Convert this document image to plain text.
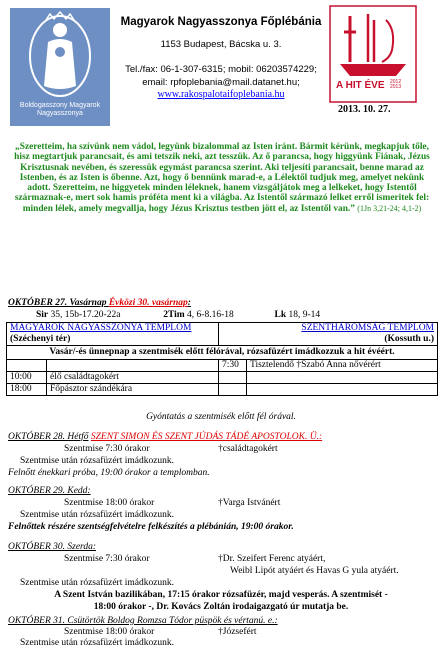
Boldogasszony Magyarok Nagyasszonya
Magyarok Nagyasszonya Főplébánia
1153 Budapest, Bácska u. 3.
Tel./fax: 06-1-307-6315; mobil: 06203574229;
email: rpfoplebania@mail.datanet.hu;
www.rakospalotaifoplebania.hu
A HIT ÉVE	2012 2013
2013. 10. 27.
„Szeretteim, ha szívünk nem vádol, legyünk bizalommal az Isten iránt. Bármit kérünk, megkapjuk tőle, hisz megtartjuk parancsait, és ami tetszik neki, azt tesszük. Az ő parancsa, hogy higgyünk Fiának, Jézus Krisztusnak nevében, és szeressük egymást parancsa szerint. Aki teljesíti parancsait, benne marad az Istenben, és az Isten is őbenne. Azt, hogy ő bennünk marad-e, a Lélektől tudjuk meg, amelyet nekünk adott. Szeretteim, ne higgyetek minden léleknek, hanem vizsgáljátok meg a lelkeket, hogy Istentől származnak-e, mert sok hamis próféta ment ki a világba. Az Istentől származó lelket erről ismeritek fel: minden lélek, amely megvallja, hogy Jézus Krisztus testben jött el, az Istentől van.” (1Jn 3,21-24; 4,1-2)
OKTÓBER 27. Vasárnap Évközi 30. vasárnap:
Sir 35, 15b-17.20-22a	2Tim 4, 6-8.16-18	Lk 18, 9-14
MAGYAROK NAGYASSZONYA TEMPLOM		SZENTHÁROMSÁG TEMPLOM	
(Széchenyi tér)		(Kossuth u.)	
Vasár/-és ünnepnap a szentmisék előtt félórával, rózsafüzért imádkozzuk a hit évéért.			
		7:30	Tisztelendő †Szabó Anna nővérért
10:00	élő családtagokért		
18:00	Főpásztor szándékára		
Gyóntatás a szentmisék előtt fél órával.
OKTÓBER 28. Hétfő SZENT SIMON ÉS SZENT JÚDÁS TÁDÉ APOSTOLOK. Ü.:
Szentmise 7:30 órakor	†családtagokért
Szentmise után rózsafüzért imádkozunk.
Felnőtt énekkari próba, 19:00 órakor a templomban.
OKTÓBER 29. Kedd:
Szentmise 18:00 órakor	†Varga Istvánért
Szentmise után rózsafüzért imádkozunk.
Felnőttek részére szentségfelvételre felkészítés a plébánián, 19:00 órakor.
OKTÓBER 30. Szerda:
Szentmise 7:30 órakor	†Dr. Szeifert Ferenc atyáért,
Weibl Lipót atyáért és Havas G yula atyáért.
Szentmise után rózsafüzért imádkozunk.
A Szent István bazilikában, 17:15 órakor rózsafüzér, majd vesperás. A szentmisét -
18:00 órakor -, Dr. Kovács Zoltán irodaigazgató úr mutatja be.
OKTÓBER 31. Csütörtök Boldog Romzsa Tódor püspök és vértanú. e.:
Szentmise 18:00 órakor	†Józsefért
Szentmise után rózsafüzért imádkozunk.
